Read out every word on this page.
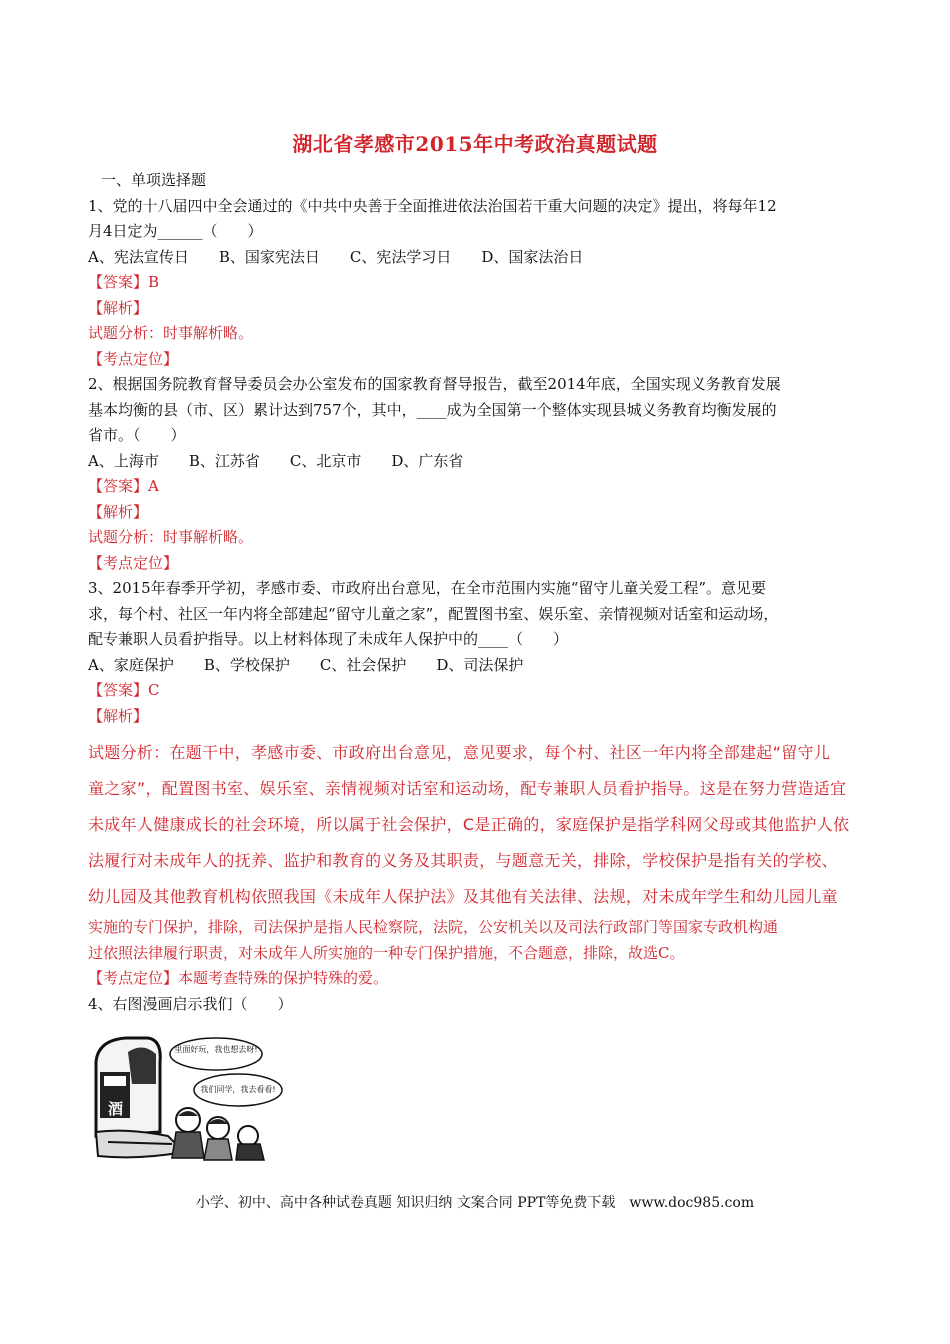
湖北省孝感市2015年中考政治真题试题
一、单项选择题
1、党的十八届四中全会通过的《中共中央善于全面推进依法治国若干重大问题的决定》提出，将每年12
月4日定为______（　　）
A、宪法宣传日　　B、国家宪法日　　C、宪法学习日　　D、国家法治日
【答案】B
【解析】
试题分析：时事解析略。
【考点定位】
2、根据国务院教育督导委员会办公室发布的国家教育督导报告，截至2014年底，全国实现义务教育发展
基本均衡的县（市、区）累计达到757个，其中，____成为全国第一个整体实现县城义务教育均衡发展的
省市。（　　）
A、上海市　　B、江苏省　　C、北京市　　D、广东省
【答案】A
【解析】
试题分析：时事解析略。
【考点定位】
3、2015年春季开学初，孝感市委、市政府出台意见，在全市范围内实施“留守儿童关爱工程”。意见要
求，每个村、社区一年内将全部建起“留守儿童之家”，配置图书室、娱乐室、亲情视频对话室和运动场，
配专兼职人员看护指导。以上材料体现了未成年人保护中的____（　　）
A、家庭保护　　B、学校保护　　C、社会保护　　D、司法保护
【答案】C
【解析】
试题分析：在题干中，孝感市委、市政府出台意见，意见要求，每个村、社区一年内将全部建起“留守儿
童之家”，配置图书室、娱乐室、亲情视频对话室和运动场，配专兼职人员看护指导。这是在努力营造适宜
未成年人健康成长的社会环境，所以属于社会保护，C是正确的，家庭保护是指学科网父母或其他监护人依
法履行对未成年人的抚养、监护和教育的义务及其职责，与题意无关，排除，学校保护是指有关的学校、
幼儿园及其他教育机构依照我国《未成年人保护法》及其他有关法律、法规，对未成年学生和幼儿园儿童
实施的专门保护，排除，司法保护是指人民检察院，法院，公安机关以及司法行政部门等国家专政机构通
过依照法律履行职责，对未成年人所实施的一种专门保护措施，不合题意，排除，故选C。
【考点定位】本题考查特殊的保护特殊的爱。
4、右图漫画启示我们（　　）
酒
里面好玩，我也想去呀!
我们同学，我去看看!
小学、初中、高中各种试卷真题 知识归纳 文案合同 PPT等免费下载　www.doc985.com
